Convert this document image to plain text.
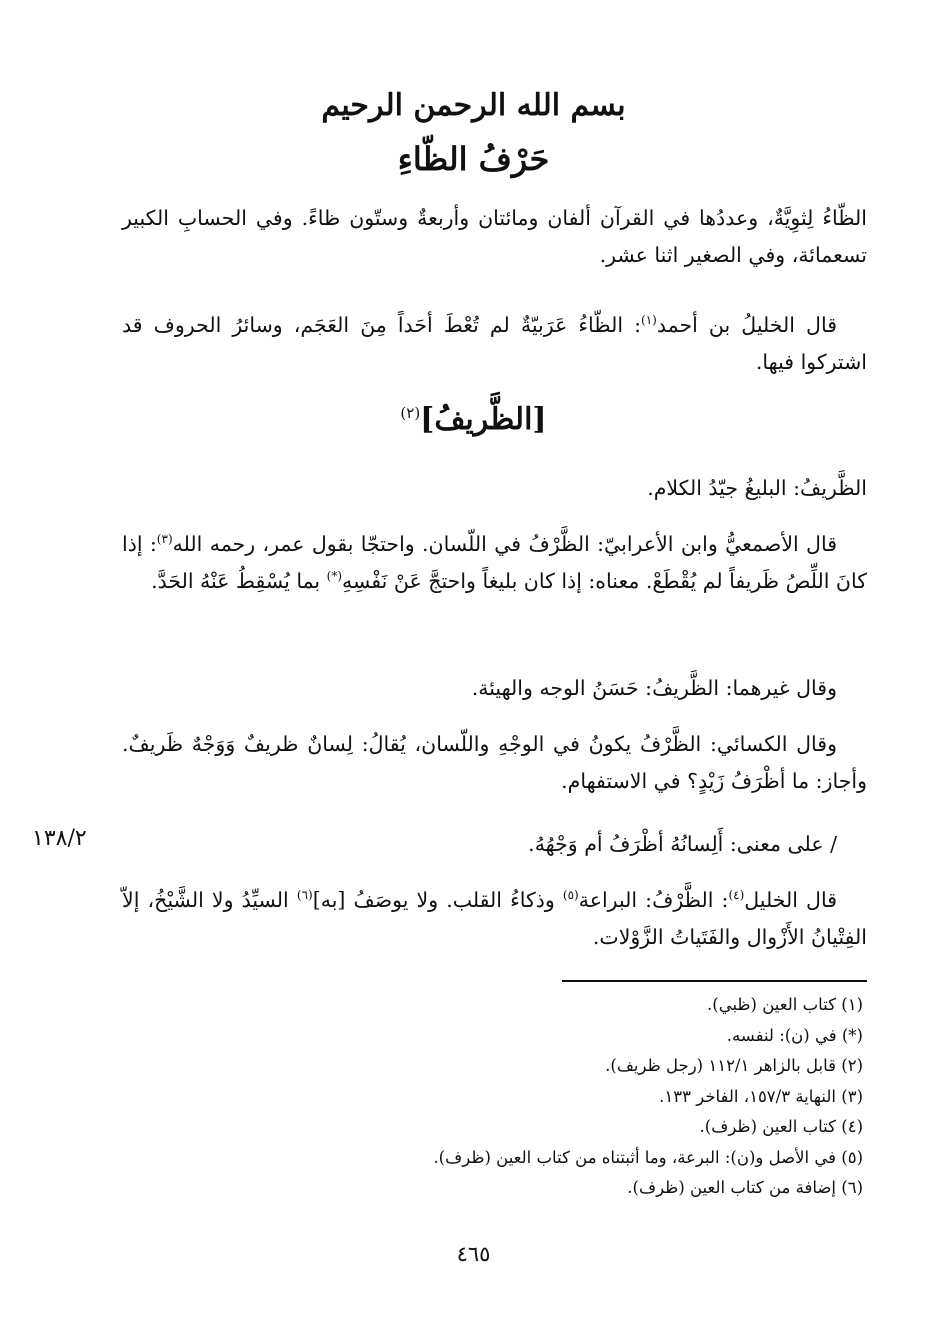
بسم الله الرحمن الرحيم
حَرْفُ الظّاءِ

الظّاءُ لِثوِيَّةٌ، وعددُها في القرآن ألفان ومائتان وأربعةٌ وستّون ظاءً. وفي الحسابِ الكبير تسعمائة، وفي الصغير اثنا عشر.

قال الخليلُ بن أحمد$^{(١)}$: الظّاءُ عَرَبيّةٌ لم تُعْطَ أحَداً مِنَ العَجَم، وسائرُ الحروف قد اشتركوا فيها.

[الظَّريفُ]$^{(٢)}$

الظَّريفُ: البليغُ جيّدُ الكلام.

قال الأصمعيُّ وابن الأعرابيّ: الظَّرْفُ في اللّسان. واحتجّا بقول عمر، رحمه الله$^{(٣)}$: إذا كانَ اللِّصُ ظَريفاً لم يُقْطَعْ. معناه: إذا كان بليغاً واحتجَّ عَنْ نَفْسِهِ(*) بما يُسْقِطُ عَنْهُ الحَدَّ.

وقال غيرهما: الظَّريفُ: حَسَنُ الوجه والهيئة.

وقال الكسائي: الظَّرْفُ يكونُ في الوجْهِ واللّسان، يُقالُ: لِسانٌ ظريفٌ وَوَجْهٌ ظَريفٌ. وأجاز: ما أظْرَفُ زَيْدٍ؟ في الاستفهام.

/ على معنى: أَلِسانُهُ أظْرَفُ أم وَجْهُهُ.

١٣٨/٢

قال الخليل$^{(٤)}$: الظَّرْفُ: البراعة$^{(٥)}$ وذكاءُ القلب. ولا يوصَفُ [به]$^{(٦)}$ السيِّدُ ولا الشَّيْخُ، إلاّ الفِتْيانُ الأَزْوال والفَتَياتُ الزَّوْلات.

(١) كتاب العين (ظبي).
(*) في (ن): لنفسه.
(٢) قابل بالزاهر ١١٢/١ (رجل ظريف).
(٣) النهاية ١٥٧/٣، الفاخر ١٣٣.
(٤) كتاب العين (ظرف).
(٥) في الأصل و(ن): البرعة، وما أثبتناه من كتاب العين (ظرف).
(٦) إضافة من كتاب العين (ظرف).
٤٦٥
